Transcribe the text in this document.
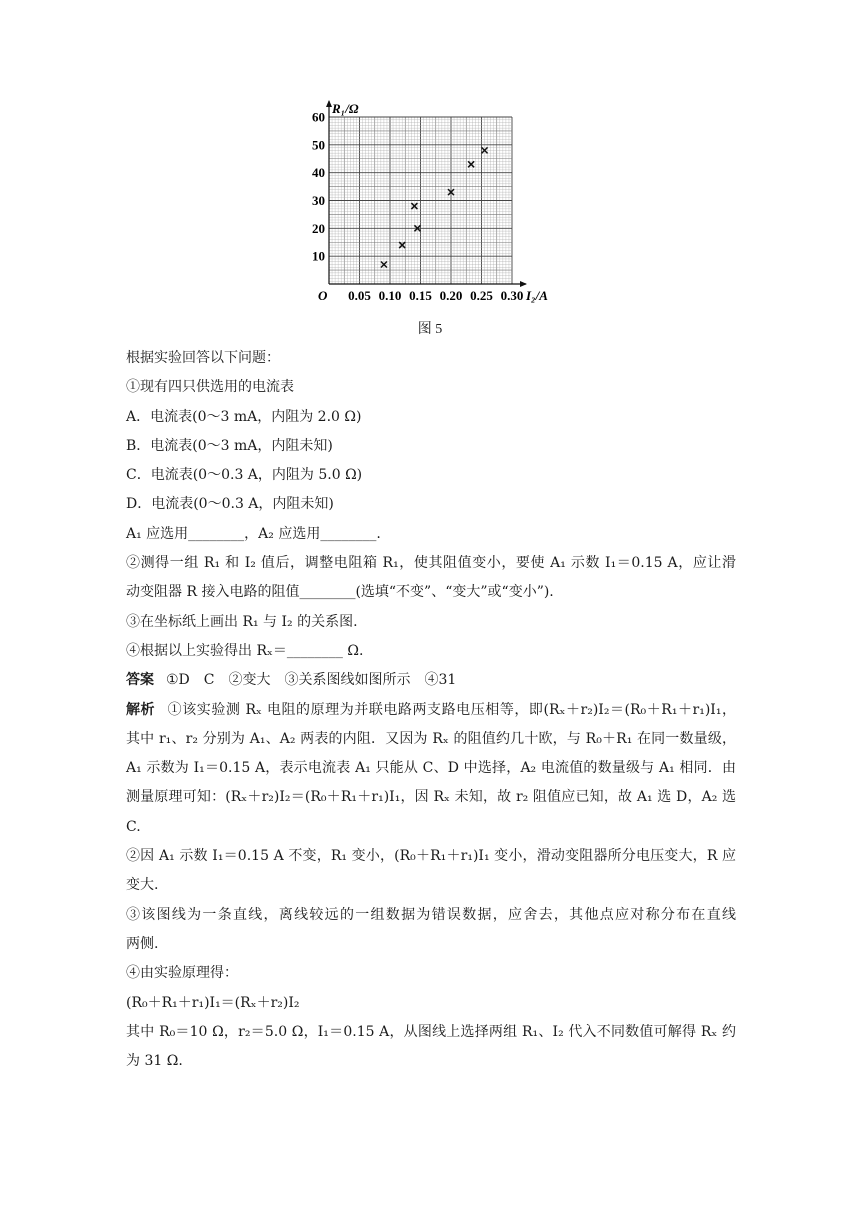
10
20
30
40
50
60
0.05 0.10 0.15 0.20 0.25 0.30
R₁/Ω
I₂/A
O
图 5
根据实验回答以下问题：
①现有四只供选用的电流表
A．电流表(0～3 mA，内阻为 2.0 Ω)
B．电流表(0～3 mA，内阻未知)
C．电流表(0～0.3 A，内阻为 5.0 Ω)
D．电流表(0～0.3 A，内阻未知)
A₁ 应选用________，A₂ 应选用________.
②测得一组 R₁ 和 I₂ 值后，调整电阻箱 R₁，使其阻值变小，要使 A₁ 示数 I₁＝0.15 A，应让滑
动变阻器 R 接入电路的阻值________(选填“不变”、“变大”或“变小”).
③在坐标纸上画出 R₁ 与 I₂ 的关系图.
④根据以上实验得出 Rₓ＝________ Ω.
答案 ①D　C　②变大　③关系图线如图所示　④31
解析 ①该实验测 Rₓ 电阻的原理为并联电路两支路电压相等，即(Rₓ＋r₂)I₂＝(R₀＋R₁＋r₁)I₁，
其中 r₁、r₂ 分别为 A₁、A₂ 两表的内阻．又因为 Rₓ 的阻值约几十欧，与 R₀＋R₁ 在同一数量级，
A₁ 示数为 I₁＝0.15 A，表示电流表 A₁ 只能从 C、D 中选择，A₂ 电流值的数量级与 A₁ 相同．由
测量原理可知：(Rₓ＋r₂)I₂＝(R₀＋R₁＋r₁)I₁，因 Rₓ 未知，故 r₂ 阻值应已知，故 A₁ 选 D，A₂ 选
C.
②因 A₁ 示数 I₁＝0.15 A 不变，R₁ 变小，(R₀＋R₁＋r₁)I₁ 变小，滑动变阻器所分电压变大，R 应
变大.
③该图线为一条直线，离线较远的一组数据为错误数据，应舍去，其他点应对称分布在直线
两侧.
④由实验原理得：
(R₀＋R₁＋r₁)I₁＝(Rₓ＋r₂)I₂
其中 R₀＝10 Ω，r₂＝5.0 Ω，I₁＝0.15 A，从图线上选择两组 R₁、I₂ 代入不同数值可解得 Rₓ 约
为 31 Ω.
